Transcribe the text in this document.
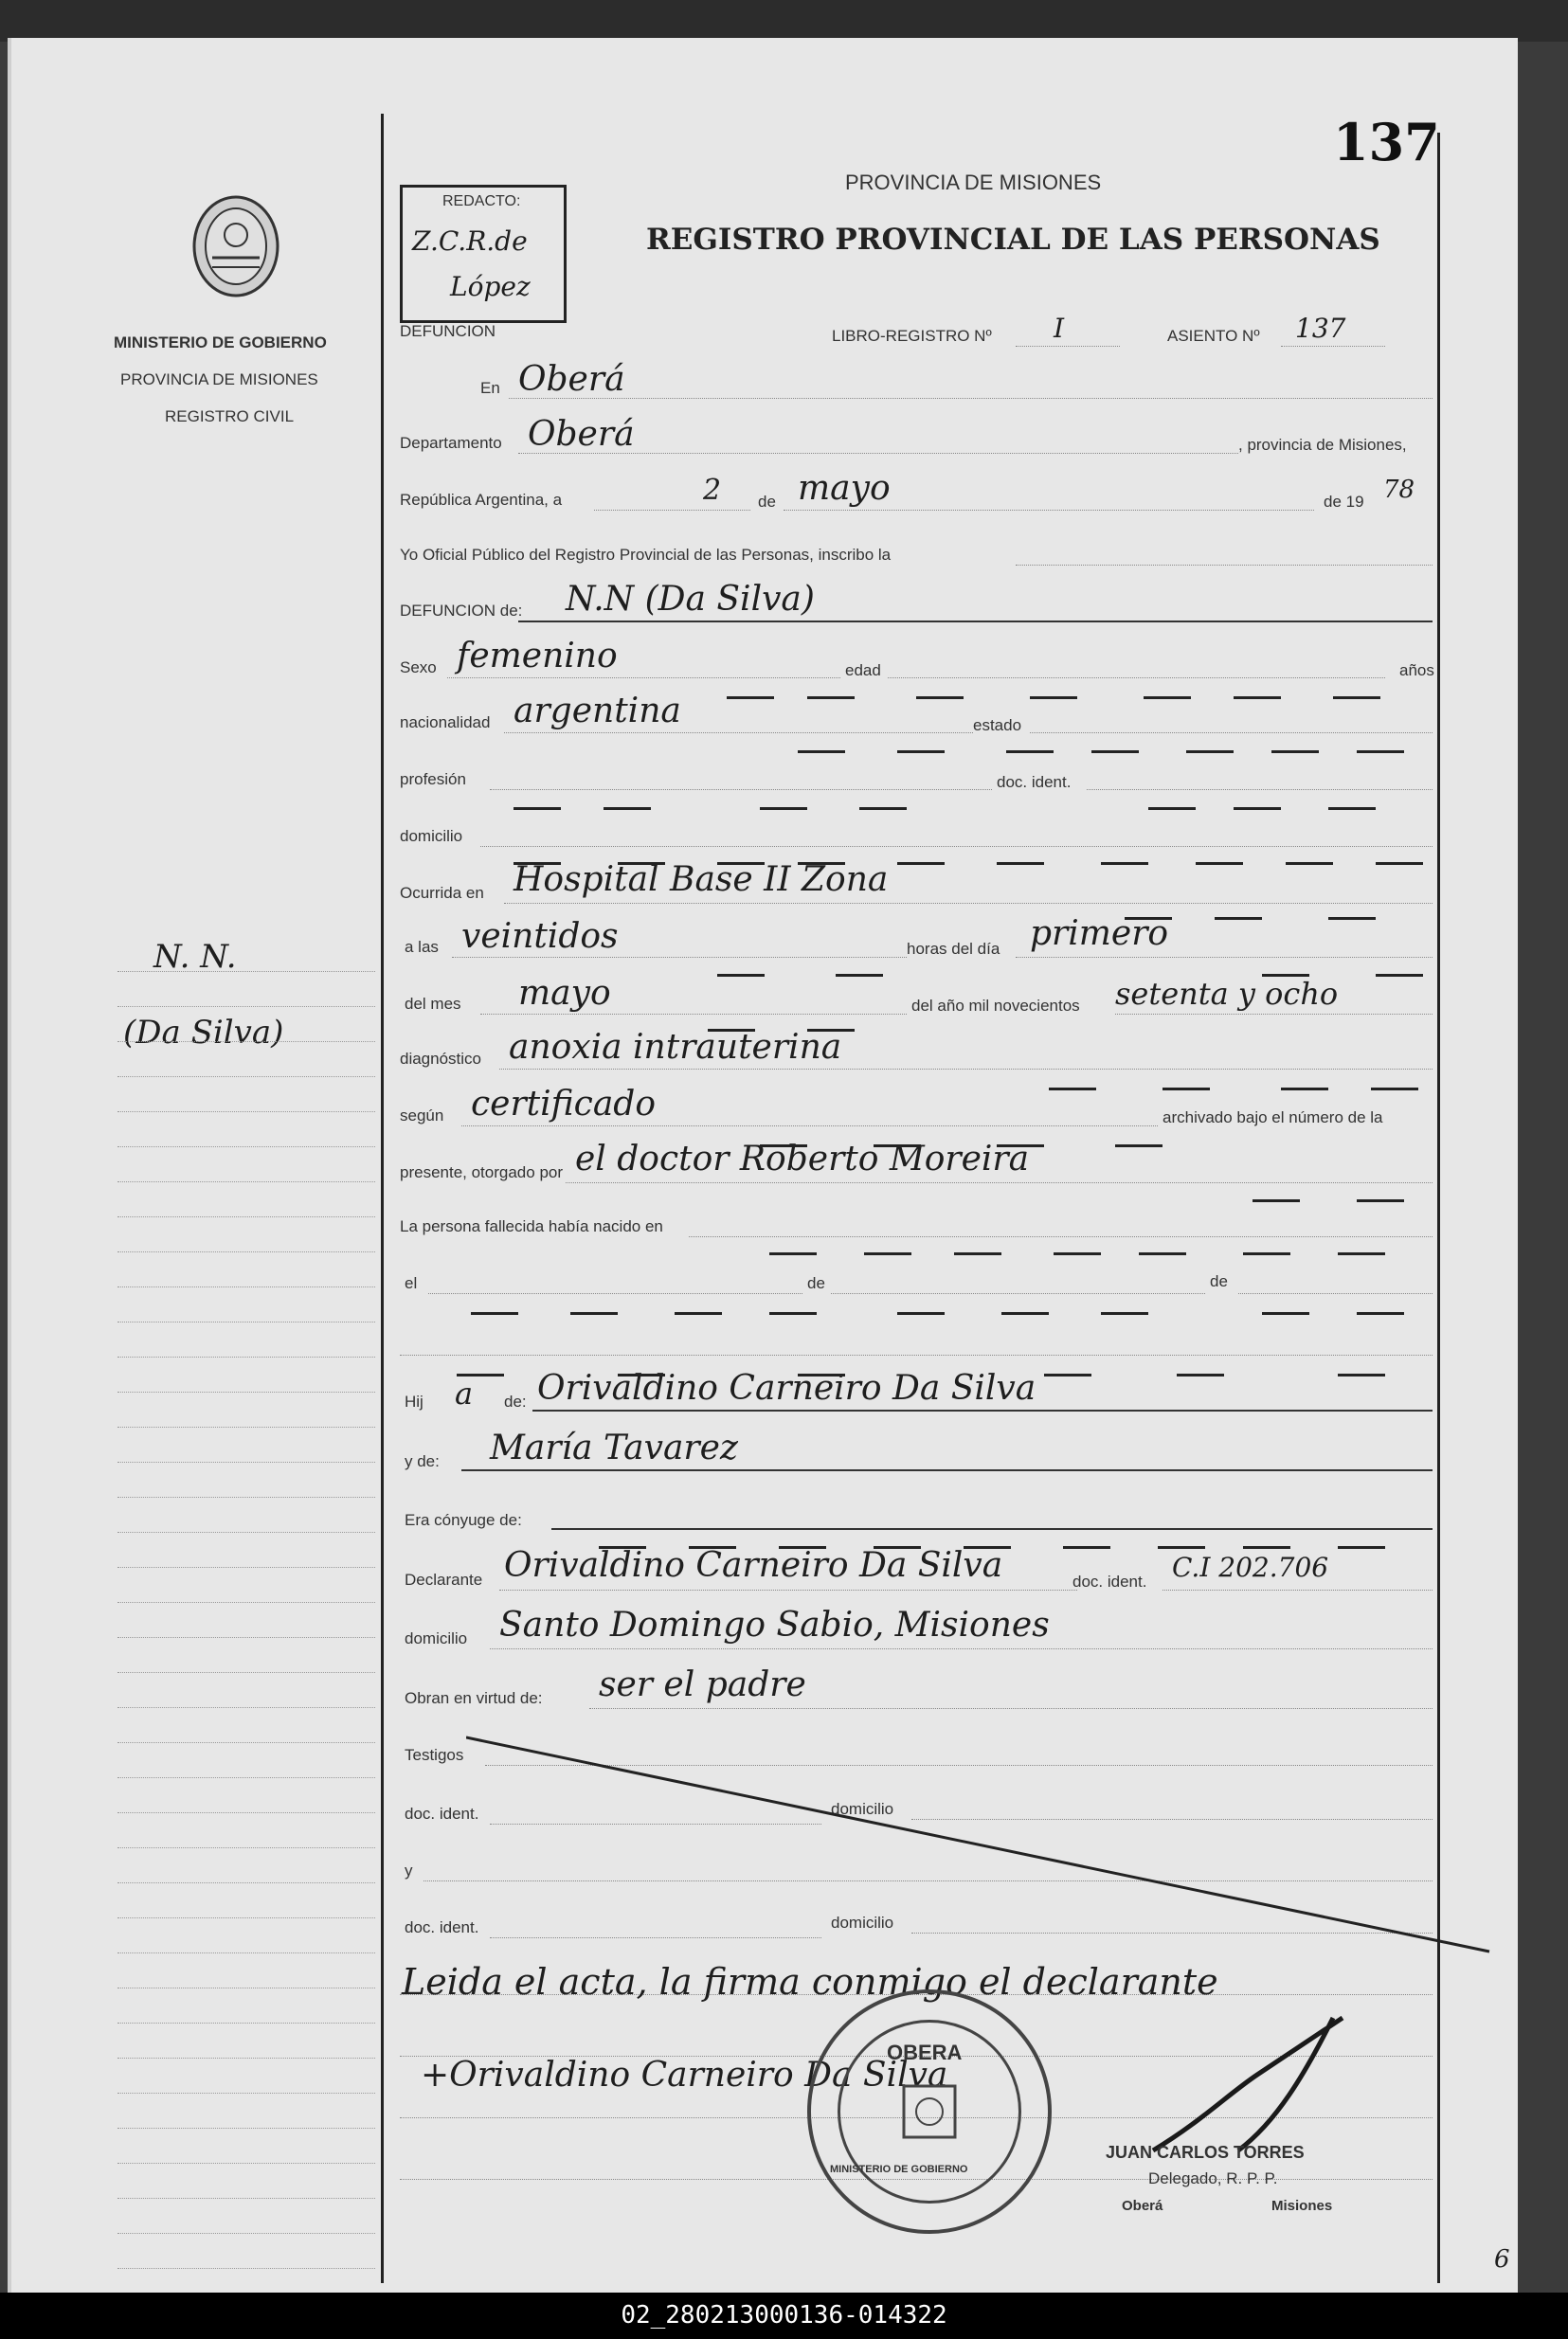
MINISTERIO DE GOBIERNO
PROVINCIA DE MISIONES
REGISTRO CIVIL
N. N.
(Da Silva)
REDACTO:
Z.C.R.de
López
137
PROVINCIA DE MISIONES
REGISTRO PROVINCIAL DE LAS PERSONAS
DEFUNCION	LIBRO-REGISTRO Nº I	ASIENTO Nº 137
En Oberá
Departamento Oberá	, provincia de Misiones,
República Argentina, a	2 de mayo	de 19 78
Yo Oficial Público del Registro Provincial de las Personas, inscribo la
DEFUNCION de: N.N (Da Silva)
Sexo femenino	edad	años
nacionalidad argentina	estado
profesión	doc. ident.
domicilio
Ocurrida en Hospital Base II Zona
a las veintidos	horas del día primero
del mes mayo	del año mil novecientos setenta y ocho
diagnóstico anoxia intrauterina
según certificado	archivado bajo el número de la
presente, otorgado por el doctor Roberto Moreira
La persona fallecida había nacido en
el	de	de
Hij a de: Orivaldino Carneiro Da Silva
y de: María Tavarez
Era cónyuge de:
Declarante Orivaldino Carneiro Da Silva	doc. ident. C.I 202.706
domicilio Santo Domingo Sabio, Misiones
Obran en virtud de: ser el padre
Testigos
doc. ident.	domicilio
y
doc. ident.	domicilio
Leida el acta, la firma conmigo el declarante
+Orivaldino Carneiro Da Silva
OBERA
MINISTERIO DE GOBIERNO
JUAN CARLOS TORRES
Delegado, R. P. P.
Oberá	Misiones
6
02_280213000136-014322
